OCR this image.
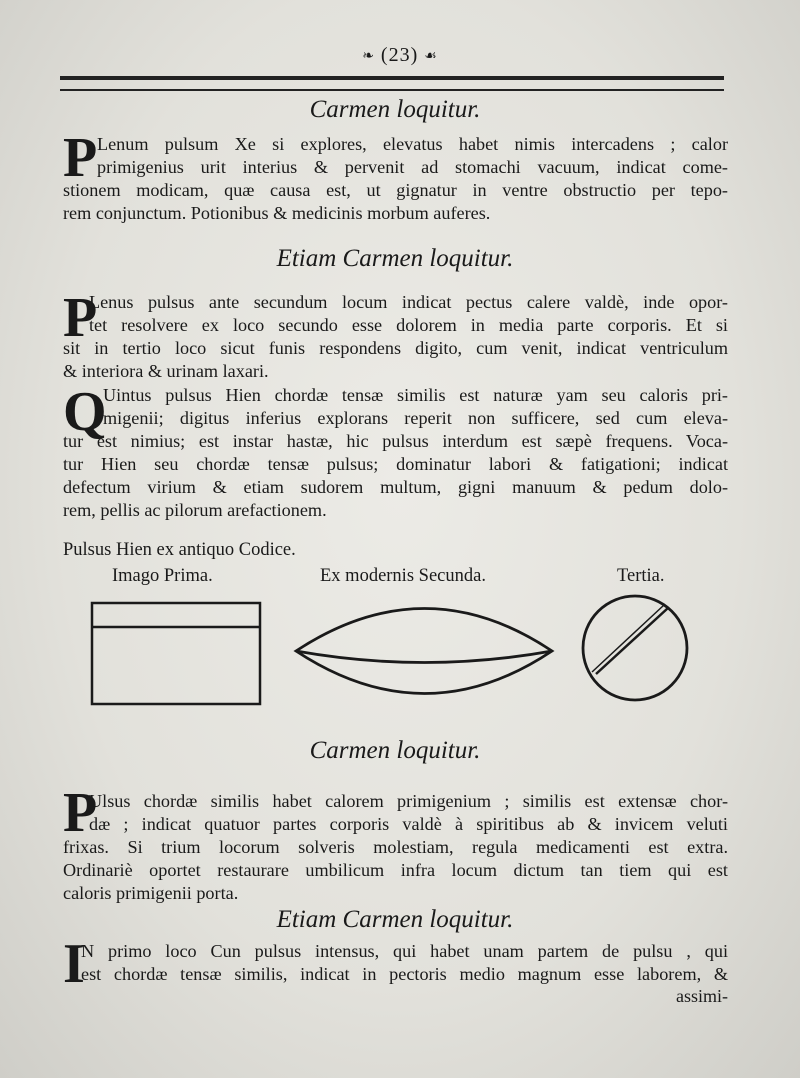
❧ (23) ☙
Carmen loquitur.
P Lenum pulsum Xe si explores, elevatus habet nimis intercadens ; calor
primigenius urit interius & pervenit ad stomachi vacuum, indicat come-
stionem modicam, quæ causa est, ut gignatur in ventre obstructio per tepo-
rem conjunctum. Potionibus & medicinis morbum auferes.
Etiam Carmen loquitur.
P
Lenus pulsus ante secundum locum indicat pectus calere valdè, inde opor-
tet resolvere ex loco secundo esse dolorem in media parte corporis. Et si
sit in tertio loco sicut funis respondens digito, cum venit, indicat ventriculum
& interiora & urinam laxari.
Q
Uintus pulsus Hien chordæ tensæ similis est naturæ yam seu caloris pri-
migenii; digitus inferius explorans reperit non sufficere, sed cum eleva-
tur est nimius; est instar hastæ, hic pulsus interdum est sæpè frequens. Voca-
tur Hien seu chordæ tensæ pulsus; dominatur labori & fatigationi; indicat
defectum virium & etiam sudorem multum, gigni manuum & pedum dolo-
rem, pellis ac pilorum arefactionem.
Pulsus Hien ex antiquo Codice.
Imago Prima.	Ex modernis Secunda.	Tertia.
Carmen loquitur.
P
Ulsus chordæ similis habet calorem primigenium ; similis est extensæ chor-
dæ ; indicat quatuor partes corporis valdè à spiritibus ab & invicem veluti
frixas. Si trium locorum solveris molestiam, regula medicamenti est extra.
Ordinariè oportet restaurare umbilicum infra locum dictum tan tiem qui est
caloris primigenii porta.
Etiam Carmen loquitur.
I
N primo loco Cun pulsus intensus, qui habet unam partem de pulsu , qui
est chordæ tensæ similis, indicat in pectoris medio magnum esse laborem, &
assimi-
